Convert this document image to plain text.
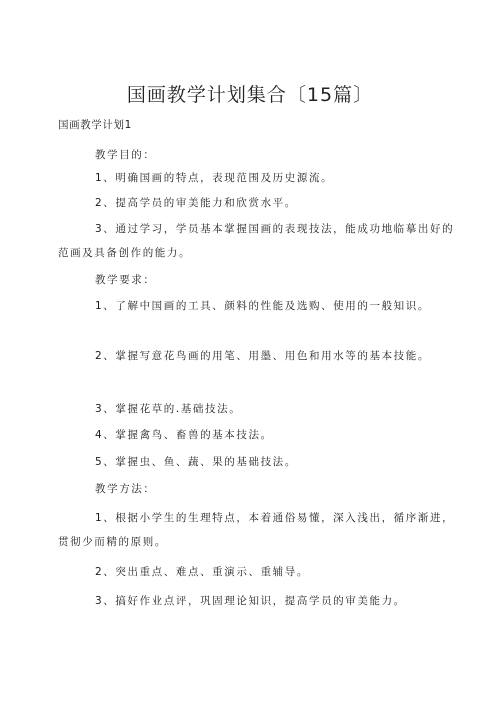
国画教学计划集合〔15篇〕
国画教学计划1
教学目的：
1、明确国画的特点，表现范围及历史源流。
2、提高学员的审美能力和欣赏水平。
3、通过学习，学员基本掌握国画的表现技法，能成功地临摹出好的
范画及具备创作的能力。
教学要求：
1、了解中国画的工具、颜料的性能及选购、使用的一般知识。
2、掌握写意花鸟画的用笔、用墨、用色和用水等的基本技能。
3、掌握花草的.基础技法。
4、掌握禽鸟、畜兽的基本技法。
5、掌握虫、鱼、蔬、果的基础技法。
教学方法：
1、根据小学生的生理特点，本着通俗易懂，深入浅出，循序渐进，
贯彻少而精的原则。
2、突出重点、难点、重演示、重辅导。
3、搞好作业点评，巩固理论知识，提高学员的审美能力。
